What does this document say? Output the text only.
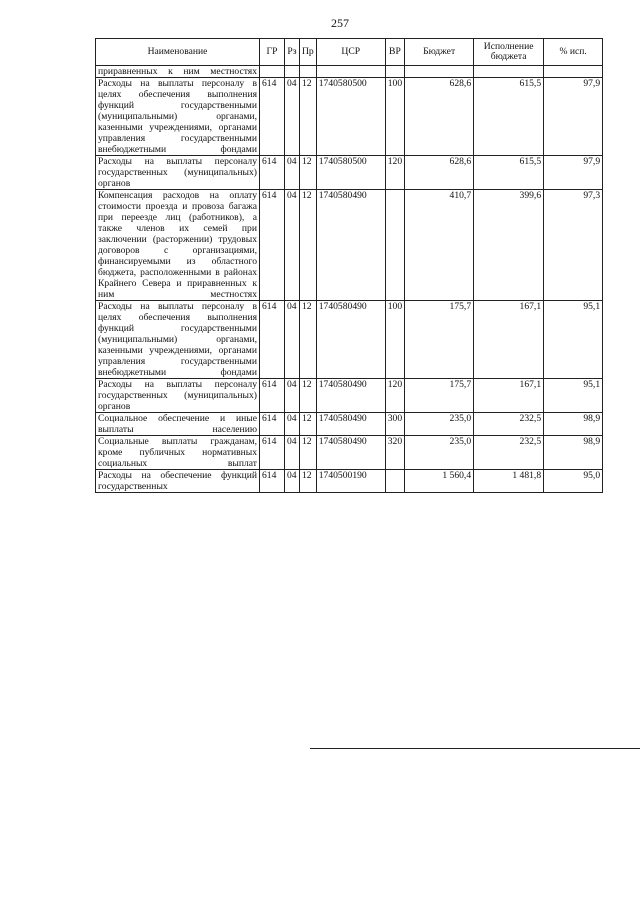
257
Наименование	ГР	Рз	Пр	ЦСР	ВР	Бюджет	Исполнение бюджета	% исп.
приравненных к ним местностях								
Расходы на выплаты персоналу в целях обеспечения выполнения функций государственными (муниципальными) органами, казенными учреждениями, органами управления государственными внебюджетными фондами	614	04	12	1740580500	100	628,6	615,5	97,9
Расходы на выплаты персоналу государственных (муниципальных) органов	614	04	12	1740580500	120	628,6	615,5	97,9
Компенсация расходов на оплату стоимости проезда и провоза багажа при переезде лиц (работников), а также членов их семей при заключении (расторжении) трудовых договоров с организациями, финансируемыми из областного бюджета, расположенными в районах Крайнего Севера и приравненных к ним местностях	614	04	12	1740580490		410,7	399,6	97,3
Расходы на выплаты персоналу в целях обеспечения выполнения функций государственными (муниципальными) органами, казенными учреждениями, органами управления государственными внебюджетными фондами	614	04	12	1740580490	100	175,7	167,1	95,1
Расходы на выплаты персоналу государственных (муниципальных) органов	614	04	12	1740580490	120	175,7	167,1	95,1
Социальное обеспечение и иные выплаты населению	614	04	12	1740580490	300	235,0	232,5	98,9
Социальные выплаты гражданам, кроме публичных нормативных социальных выплат	614	04	12	1740580490	320	235,0	232,5	98,9
Расходы на обеспечение функций государственных	614	04	12	1740500190		1 560,4	1 481,8	95,0
